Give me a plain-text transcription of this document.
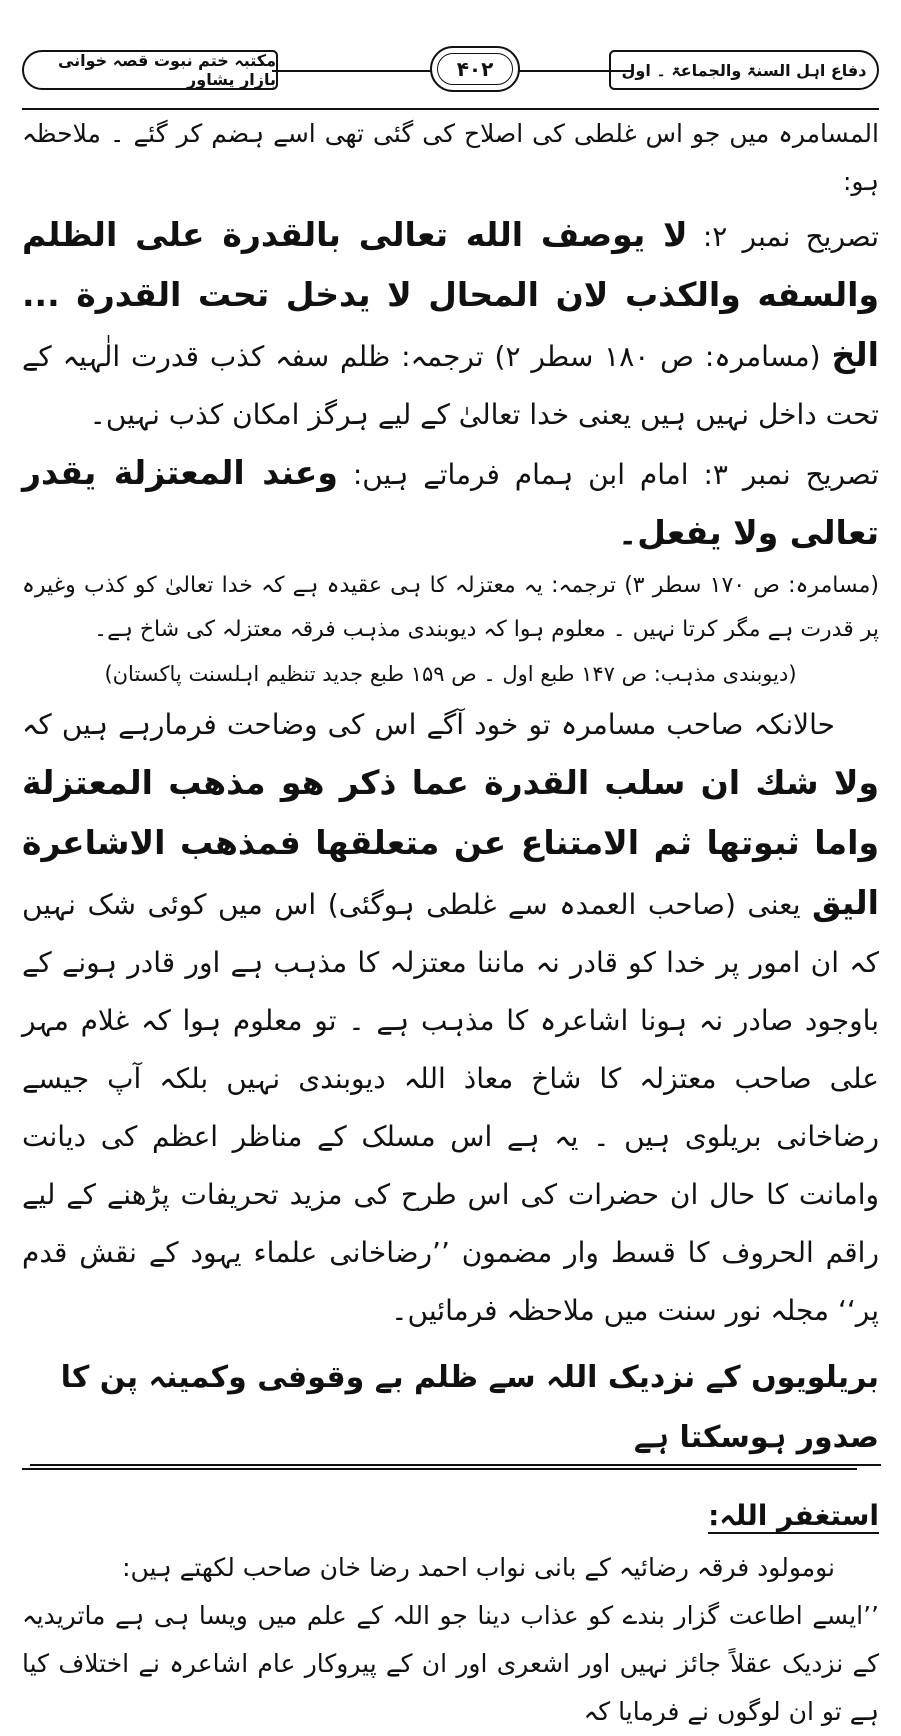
مکتبہ ختم نبوت قصہ خوانی بازار پشاور	۴۰۲	دفاع اہل السنۃ والجماعۃ ۔ اول

المسامرہ میں جو اس غلطی کی اصلاح کی گئی تھی اسے ہضم کر گئے ۔ ملاحظہ ہو:

تصریح نمبر ۲: لا یوصف الله تعالی بالقدرة علی الظلم والسفه والکذب لان المحال لا یدخل تحت القدرة ... الخ (مسامرہ: ص ۱۸۰ سطر ۲) ترجمہ: ظلم سفہ کذب قدرت الٰہیہ کے تحت داخل نہیں ہیں یعنی خدا تعالیٰ کے لیے ہرگز امکان کذب نہیں۔

تصریح نمبر ۳: امام ابن ہمام فرماتے ہیں: وعند المعتزلة یقدر تعالی ولا یفعل۔

(مسامرہ: ص ۱۷۰ سطر ۳) ترجمہ: یہ معتزلہ کا ہی عقیدہ ہے کہ خدا تعالیٰ کو کذب وغیرہ پر قدرت ہے مگر کرتا نہیں ۔ معلوم ہوا کہ دیوبندی مذہب فرقہ معتزلہ کی شاخ ہے۔

(دیوبندی مذہب: ص ۱۴۷ طبع اول ۔ ص ۱۵۹ طبع جدید تنظیم اہلسنت پاکستان)

حالانکہ صاحب مسامرہ تو خود آگے اس کی وضاحت فرمارہے ہیں کہ ولا شك ان سلب القدرة عما ذکر هو مذهب المعتزلة واما ثبوتها ثم الامتناع عن متعلقها فمذهب الاشاعرة الیق یعنی (صاحب العمدہ سے غلطی ہوگئی) اس میں کوئی شک نہیں کہ ان امور پر خدا کو قادر نہ ماننا معتزلہ کا مذہب ہے اور قادر ہونے کے باوجود صادر نہ ہونا اشاعرہ کا مذہب ہے ۔ تو معلوم ہوا کہ غلام مہر علی صاحب معتزلہ کا شاخ معاذ اللہ دیوبندی نہیں بلکہ آپ جیسے رضاخانی بریلوی ہیں ۔ یہ ہے اس مسلک کے مناظر اعظم کی دیانت وامانت کا حال ان حضرات کی اس طرح کی مزید تحریفات پڑھنے کے لیے راقم الحروف کا قسط وار مضمون ’’رضاخانی علماء یہود کے نقش قدم پر‘‘ مجلہ نور سنت میں ملاحظہ فرمائیں۔

بریلویوں کے نزدیک اللہ سے ظلم بے وقوفی وکمینہ پن کا صدور ہوسکتا ہے

استغفر اللہ:

نومولود فرقہ رضائیہ کے بانی نواب احمد رضا خان صاحب لکھتے ہیں:

’’ایسے اطاعت گزار بندے کو عذاب دینا جو اللہ کے علم میں ویسا ہی ہے ماتریدیہ کے نزدیک عقلاً جائز نہیں اور اشعری اور ان کے پیروکار عام اشاعرہ نے اختلاف کیا ہے تو ان لوگوں نے فرمایا کہ
